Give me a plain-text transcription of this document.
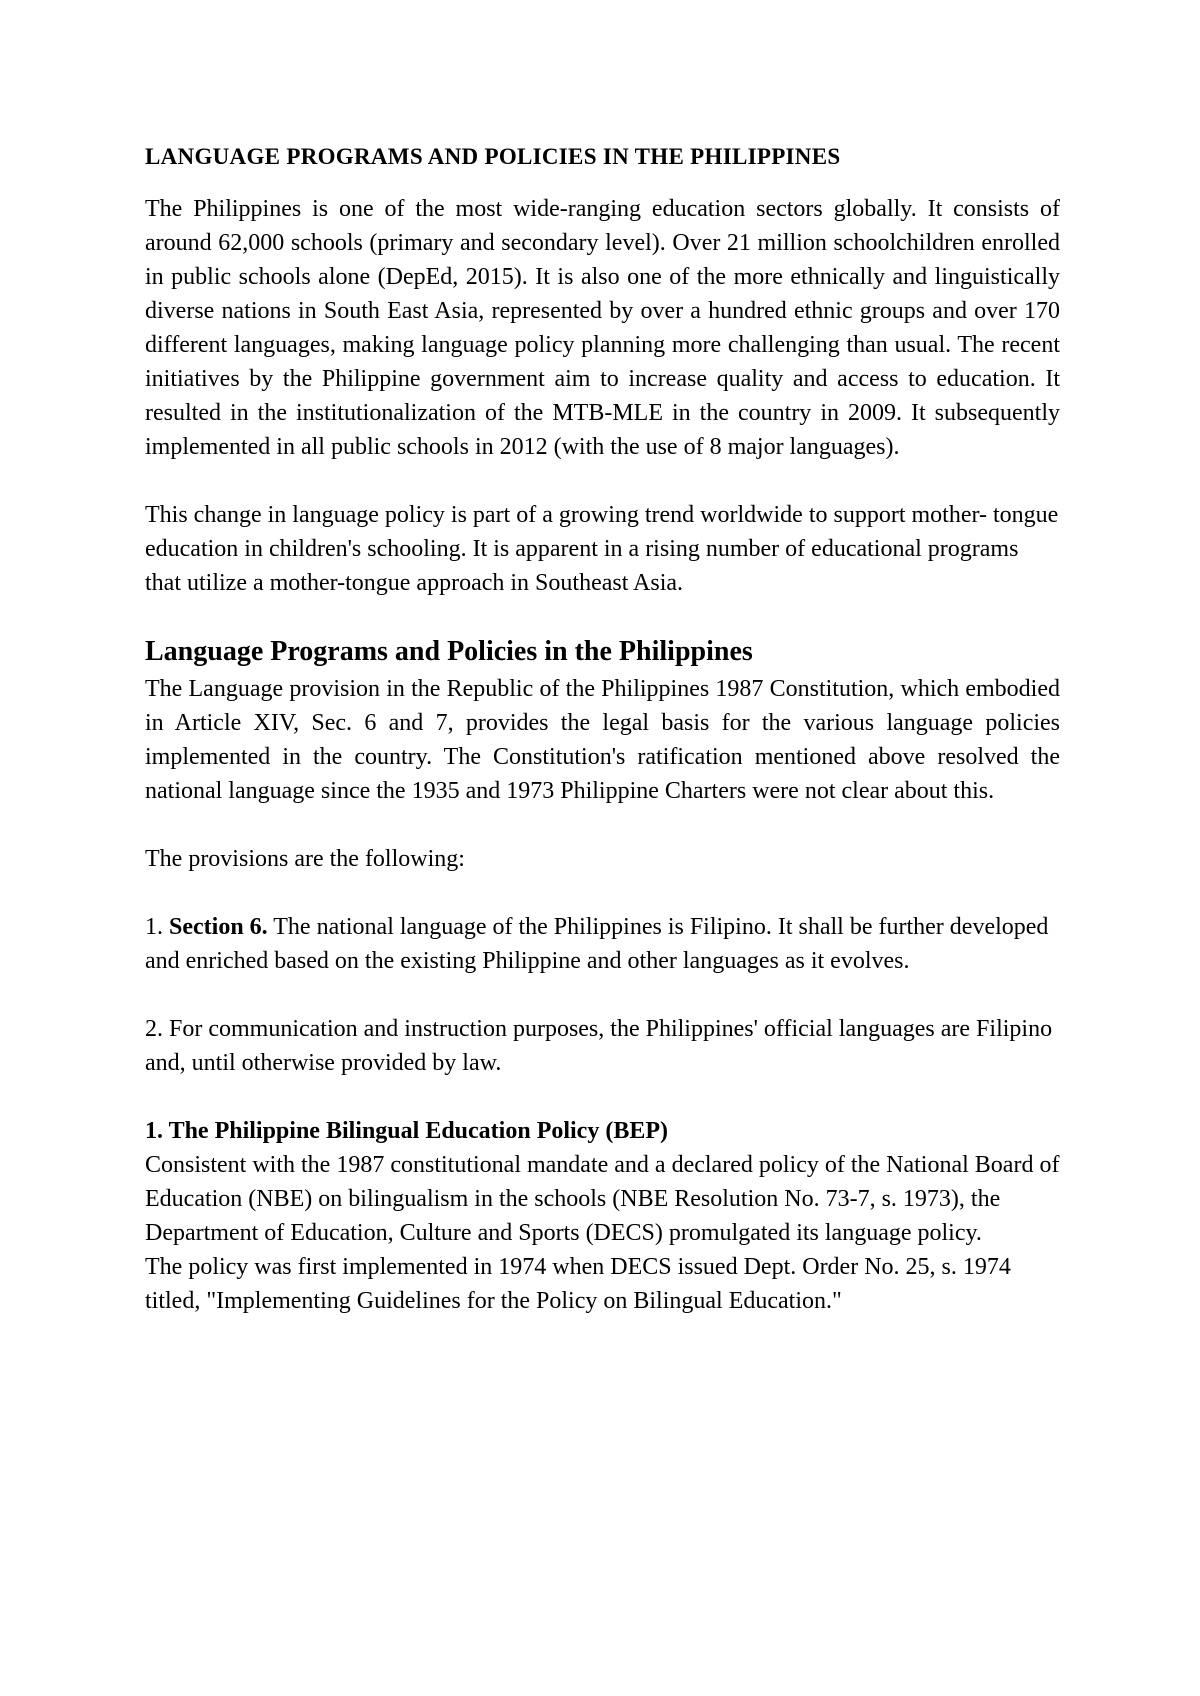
LANGUAGE PROGRAMS AND POLICIES IN THE PHILIPPINES

The Philippines is one of the most wide-ranging education sectors globally. It consists of around 62,000 schools (primary and secondary level). Over 21 million schoolchildren enrolled in public schools alone (DepEd, 2015). It is also one of the more ethnically and linguistically diverse nations in South East Asia, represented by over a hundred ethnic groups and over 170 different languages, making language policy planning more challenging than usual. The recent initiatives by the Philippine government aim to increase quality and access to education. It resulted in the institutionalization of the MTB-MLE in the country in 2009. It subsequently implemented in all public schools in 2012 (with the use of 8 major languages).

This change in language policy is part of a growing trend worldwide to support mother- tongue education in children's schooling. It is apparent in a rising number of educational programs that utilize a mother-tongue approach in Southeast Asia.

Language Programs and Policies in the Philippines

The Language provision in the Republic of the Philippines 1987 Constitution, which embodied in Article XIV, Sec. 6 and 7, provides the legal basis for the various language policies implemented in the country. The Constitution's ratification mentioned above resolved the national language since the 1935 and 1973 Philippine Charters were not clear about this.

The provisions are the following:

1. Section 6. The national language of the Philippines is Filipino. It shall be further developed and enriched based on the existing Philippine and other languages as it evolves.

2. For communication and instruction purposes, the Philippines' official languages are Filipino and, until otherwise provided by law.

1. The Philippine Bilingual Education Policy (BEP)

Consistent with the 1987 constitutional mandate and a declared policy of the National Board of Education (NBE) on bilingualism in the schools (NBE Resolution No. 73-7, s. 1973), the Department of Education, Culture and Sports (DECS) promulgated its language policy.

The policy was first implemented in 1974 when DECS issued Dept. Order No. 25, s. 1974 titled, "Implementing Guidelines for the Policy on Bilingual Education."
